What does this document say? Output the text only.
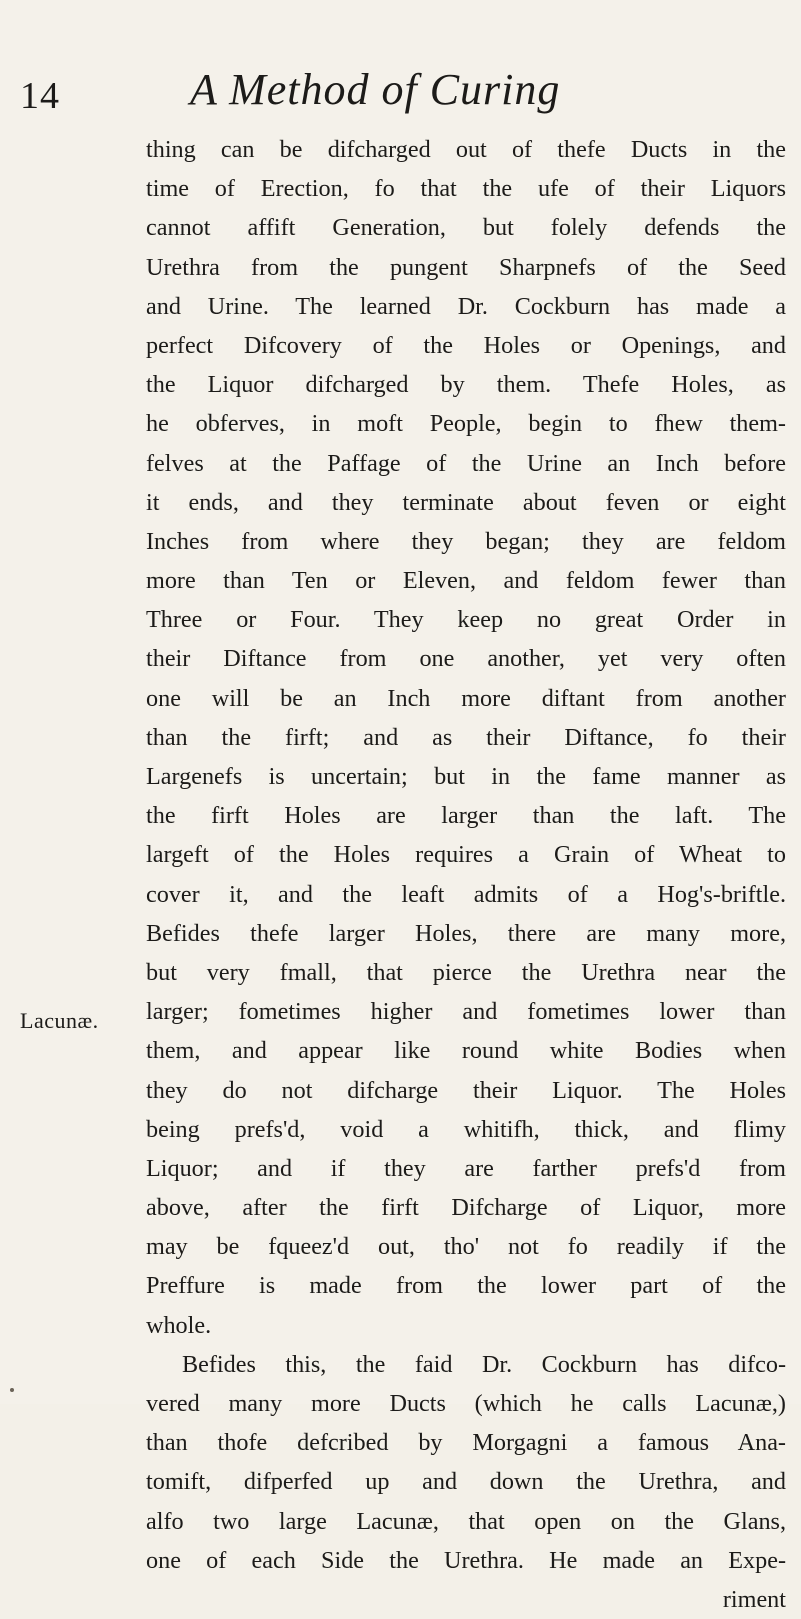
14	A Method of Curing
Lacunæ.
thing can be difcharged out of thefe Ducts in the
time of Erection, fo that the ufe of their Liquors
cannot affift Generation, but folely defends the
Urethra from the pungent Sharpnefs of the Seed
and Urine. The learned Dr. Cockburn has made a
perfect Difcovery of the Holes or Openings, and
the Liquor difcharged by them. Thefe Holes, as
he obferves, in moft People, begin to fhew them-
felves at the Paffage of the Urine an Inch before
it ends, and they terminate about feven or eight
Inches from where they began; they are feldom
more than Ten or Eleven, and feldom fewer than
Three or Four. They keep no great Order in
their Diftance from one another, yet very often
one will be an Inch more diftant from another
than the firft; and as their Diftance, fo their
Largenefs is uncertain; but in the fame manner as
the firft Holes are larger than the laft. The
largeft of the Holes requires a Grain of Wheat to
cover it, and the leaft admits of a Hog's-briftle.
Befides thefe larger Holes, there are many more,
but very fmall, that pierce the Urethra near the
larger; fometimes higher and fometimes lower than
them, and appear like round white Bodies when
they do not difcharge their Liquor. The Holes
being prefs'd, void a whitifh, thick, and flimy
Liquor; and if they are farther prefs'd from
above, after the firft Difcharge of Liquor, more
may be fqueez'd out, tho' not fo readily if the
Preffure is made from the lower part of the
whole.
Befides this, the faid Dr. Cockburn has difco-
vered many more Ducts (which he calls Lacunæ,)
than thofe defcribed by Morgagni a famous Ana-
tomift, difperfed up and down the Urethra, and
alfo two large Lacunæ, that open on the Glans,
one of each Side the Urethra. He made an Expe-
riment
